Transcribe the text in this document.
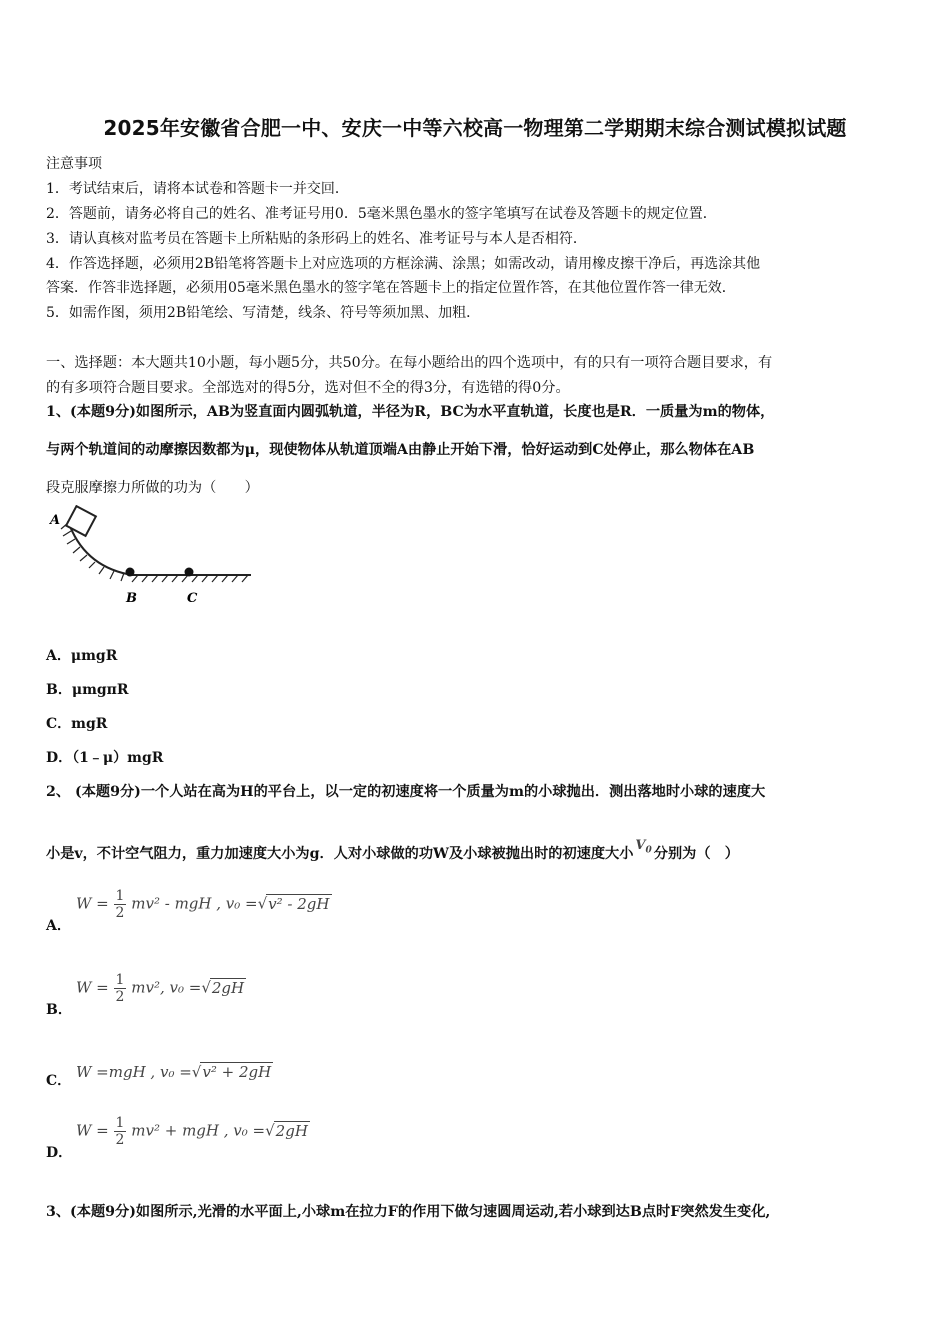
2025年安徽省合肥一中、安庆一中等六校高一物理第二学期期末综合测试模拟试题
注意事项
1．考试结束后，请将本试卷和答题卡一并交回．
2．答题前，请务必将自己的姓名、准考证号用0．5毫米黑色墨水的签字笔填写在试卷及答题卡的规定位置．
3．请认真核对监考员在答题卡上所粘贴的条形码上的姓名、准考证号与本人是否相符．
4．作答选择题，必须用2B铅笔将答题卡上对应选项的方框涂满、涂黑；如需改动，请用橡皮擦干净后，再选涂其他
答案．作答非选择题，必须用05毫米黑色墨水的签字笔在答题卡上的指定位置作答，在其他位置作答一律无效．
5．如需作图，须用2B铅笔绘、写清楚，线条、符号等须加黑、加粗．
一、选择题：本大题共10小题，每小题5分，共50分。在每小题给出的四个选项中，有的只有一项符合题目要求，有
的有多项符合题目要求。全部选对的得5分，选对但不全的得3分，有选错的得0分。
1、(本题9分)如图所示，AB为竖直面内圆弧轨道，半径为R，BC为水平直轨道，长度也是R．一质量为m的物体，
与两个轨道间的动摩擦因数都为μ，现使物体从轨道顶端A由静止开始下滑，恰好运动到C处停止，那么物体在AB
段克服摩擦力所做的功为（　　）
A
B	C
A．μmgR
B．μmgπR
C．mgR
D．（1﹣μ）mgR
2、 (本题9分)一个人站在高为H的平台上，以一定的初速度将一个质量为m的小球抛出．测出落地时小球的速度大
小是v，不计空气阻力，重力加速度大小为g．人对小球做的功W及小球被抛出时的初速度大小$V_0$ 分别为（　）
A．
$W = \frac{1}{2} mv^2$ - mgH , v₀ =√v² - 2gH
B．
$W = \frac{1}{2} mv^2$, v₀ =√2gH
C． W =mgH , v₀ =√v² + 2gH
D．
$W = \frac{1}{2} mv^2$ + mgH , v₀ =√2gH
3、(本题9分)如图所示,光滑的水平面上,小球m在拉力F的作用下做匀速圆周运动,若小球到达B点时F突然发生变化,
